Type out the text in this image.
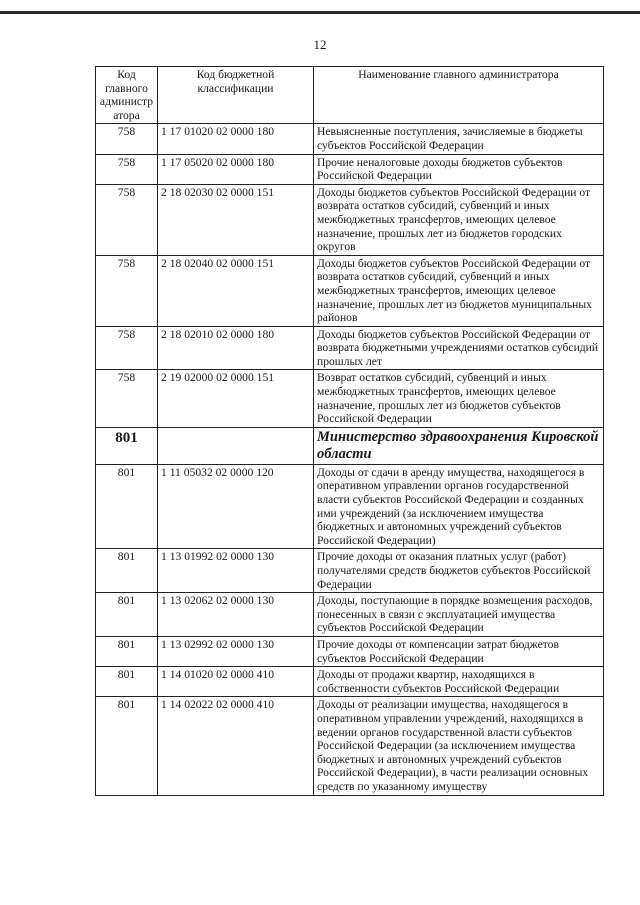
12
Код главного администратора	Код бюджетной классификации	Наименование главного администратора
758	1 17 01020 02 0000 180	Невыясненные поступления, зачисляемые в бюджеты субъектов Российской Федерации
758	1 17 05020 02 0000 180	Прочие неналоговые доходы бюджетов субъектов Российской Федерации
758	2 18 02030 02 0000 151	Доходы бюджетов субъектов Российской Федерации от возврата остатков субсидий, субвенций и иных межбюджетных трансфертов, имеющих целевое назначение, прошлых лет из бюджетов городских округов
758	2 18 02040 02 0000 151	Доходы бюджетов субъектов Российской Федерации от возврата остатков субсидий, субвенций и иных межбюджетных трансфертов, имеющих целевое назначение, прошлых лет из бюджетов муниципальных районов
758	2 18 02010 02 0000 180	Доходы бюджетов субъектов Российской Федерации от возврата бюджетными учреждениями остатков субсидий прошлых лет
758	2 19 02000 02 0000 151	Возврат остатков субсидий, субвенций и иных межбюджетных трансфертов, имеющих целевое назначение, прошлых лет из бюджетов субъектов Российской Федерации
801		Министерство здравоохранения Кировской области
801	1 11 05032 02 0000 120	Доходы от сдачи в аренду имущества, находящегося в оперативном управлении органов государственной власти субъектов Российской Федерации и созданных ими учреждений (за исключением имущества бюджетных и автономных учреждений субъектов Российской Федерации)
801	1 13 01992 02 0000 130	Прочие доходы от оказания платных услуг (работ) получателями средств бюджетов субъектов Российской Федерации
801	1 13 02062 02 0000 130	Доходы, поступающие в порядке возмещения расходов, понесенных в связи с эксплуатацией имущества субъектов Российской Федерации
801	1 13 02992 02 0000 130	Прочие доходы от компенсации затрат бюджетов субъектов Российской Федерации
801	1 14 01020 02 0000 410	Доходы от продажи квартир, находящихся в собственности субъектов Российской Федерации
801	1 14 02022 02 0000 410	Доходы от реализации имущества, находящегося в оперативном управлении учреждений, находящихся в ведении органов государственной власти субъектов Российской Федерации (за исключением имущества бюджетных и автономных учреждений субъектов Российской Федерации), в части реализации основных средств по указанному имуществу
